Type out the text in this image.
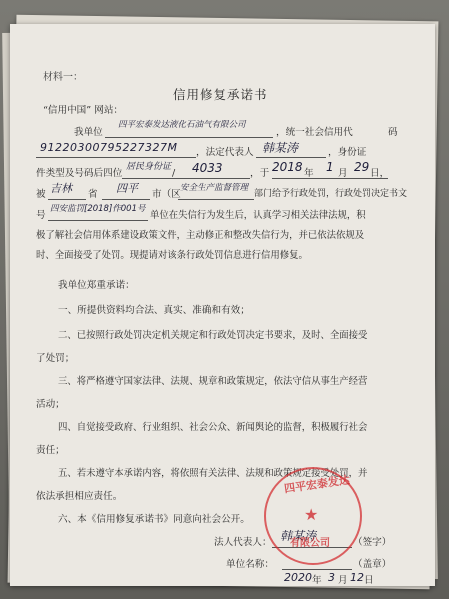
材料一：
信用修复承诺书
“信用中国” 网站：
我单位
四平宏泰发达液化石油气有限公司
，统一社会信用代	码
91220300795227327M ，法定代表人 韩某涛	，身份证
件类型及号码后四位
居民身份证
/ 4033	，于 2018 年 1 月 29 日，
被 吉林 省 四平 市（区
安全生产监督管理
部门给予行政处罚，行政处罚决定书文
号
四安监罚[2018]作001号
单位在失信行为发生后，认真学习相关法律法规，积
极了解社会信用体系建设政策文件，主动修正和整改失信行为，并已依法依规及
时、全面接受了处罚。现提请对该条行政处罚信息进行信用修复。
我单位郑重承诺：
一、所提供资料均合法、真实、准确和有效；
二、已按照行政处罚决定机关规定和行政处罚决定书要求，及时、全面接受
了处罚；
三、将严格遵守国家法律、法规、规章和政策规定，依法守信从事生产经营
活动；
四、自觉接受政府、行业组织、社会公众、新闻舆论的监督，积极履行社会
责任；
五、若未遵守本承诺内容，将依照有关法律、法规和政策规定接受处罚，并
依法承担相应责任。
六、本《信用修复承诺书》同意向社会公开。
法人代表人： 韩某涛	（签字）
单位名称：	（盖章）
2020 年 3 月 12 日
四平宏泰发达
★
有限公司
